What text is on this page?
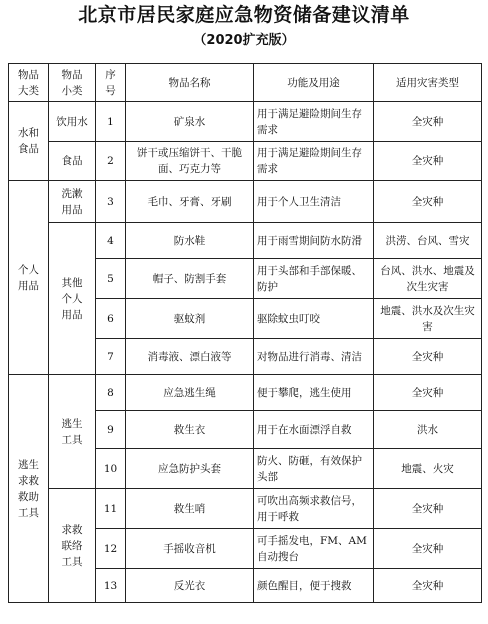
北京市居民家庭应急物资储备建议清单
（2020扩充版）
物品大类	物品小类	序号	物品名称	功能及用途	适用灾害类型
水和食品	饮用水	1	矿泉水	用于满足避险期间生存需求	全灾种
	食品	2	饼干或压缩饼干、干脆面、巧克力等	用于满足避险期间生存需求	全灾种
个人用品	洗漱用品	3	毛巾、牙膏、牙刷	用于个人卫生清洁	全灾种
	其他个人用品	4	防水鞋	用于雨雪期间防水防滑	洪涝、台风、雪灾
		5	帽子、防割手套	用于头部和手部保暖、防护	台风、洪水、地震及次生灾害
		6	驱蚊剂	驱除蚊虫叮咬	地震、洪水及次生灾害
		7	消毒液、漂白液等	对物品进行消毒、清洁	全灾种
逃生求救救助工具	逃生工具	8	应急逃生绳	便于攀爬，逃生使用	全灾种
		9	救生衣	用于在水面漂浮自救	洪水
		10	应急防护头套	防火、防砸，有效保护头部	地震、火灾
	求救联络工具	11	救生哨	可吹出高频求救信号，用于呼救	全灾种
		12	手摇收音机	可手摇发电，FM、AM自动搜台	全灾种
		13	反光衣	颜色醒目，便于搜救	全灾种
